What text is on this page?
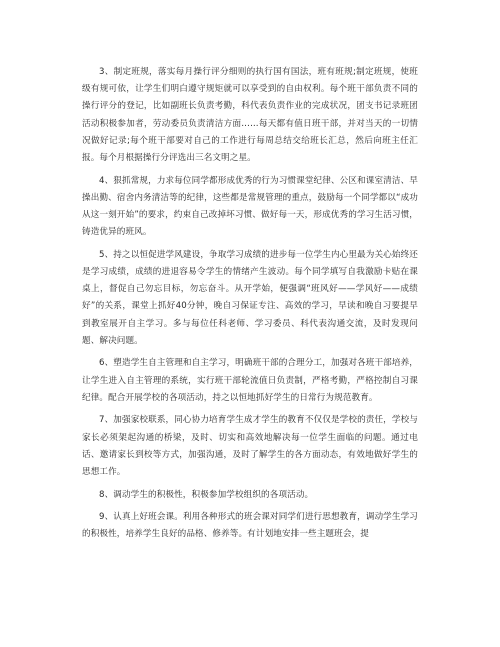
3、制定班规，落实每月操行评分细则的执行国有国法，班有班规;制定班规，使班级有规可依，让学生们明白遵守规矩就可以享受到的自由权利。每个班干部负责不同的操行评分的登记，比如副班长负责考勤，科代表负责作业的完成状况，团支书记录班团活动积极参加者，劳动委员负责清洁方面……每天都有值日班干部，并对当天的一切情况做好记录;每个班干部要对自己的工作进行每周总结交给班长汇总，然后向班主任汇报。每个月根据操行分评选出三名文明之星。

4、狠抓常规，力求每位同学都形成优秀的行为习惯课堂纪律、公区和课室清洁、早操出勤、宿舍内务清洁等的纪律，这些都是常规管理的重点，鼓励每一个同学都以“成功从这一刻开始”的要求，约束自己改掉坏习惯、做好每一天，形成优秀的学习生活习惯，铸造优异的班风。

5、持之以恒促进学风建设，争取学习成绩的进步每一位学生内心里最为关心始终还是学习成绩，成绩的进退容易令学生的情绪产生波动。每个同学填写自我激励卡贴在课桌上，督促自己勿忘目标，勿忘奋斗。从开学始，便强调“班风好——学风好——成绩好”的关系，课堂上抓好40分钟，晚自习保证专注、高效的学习，早读和晚自习要提早到教室展开自主学习。多与每位任科老师、学习委员、科代表沟通交流，及时发现问题、解决问题。

6、塑造学生自主管理和自主学习，明确班干部的合理分工，加强对各班干部培养，让学生进入自主管理的系统，实行班干部轮流值日负责制，严格考勤，严格控制自习课纪律。配合开展学校的各项活动，持之以恒地抓好学生的日常行为规范教育。

7、加强家校联系，同心协力培育学生成才学生的教育不仅仅是学校的责任，学校与家长必须架起沟通的桥梁，及时、切实和高效地解决每一位学生面临的问题。通过电话、邀请家长到校等方式，加强沟通，及时了解学生的各方面动态，有效地做好学生的思想工作。

8、调动学生的积极性，积极参加学校组织的各项活动。

9、认真上好班会课。利用各种形式的班会课对同学们进行思想教育，调动学生学习的积极性，培养学生良好的品格、修养等。有计划地安排一些主题班会，提
